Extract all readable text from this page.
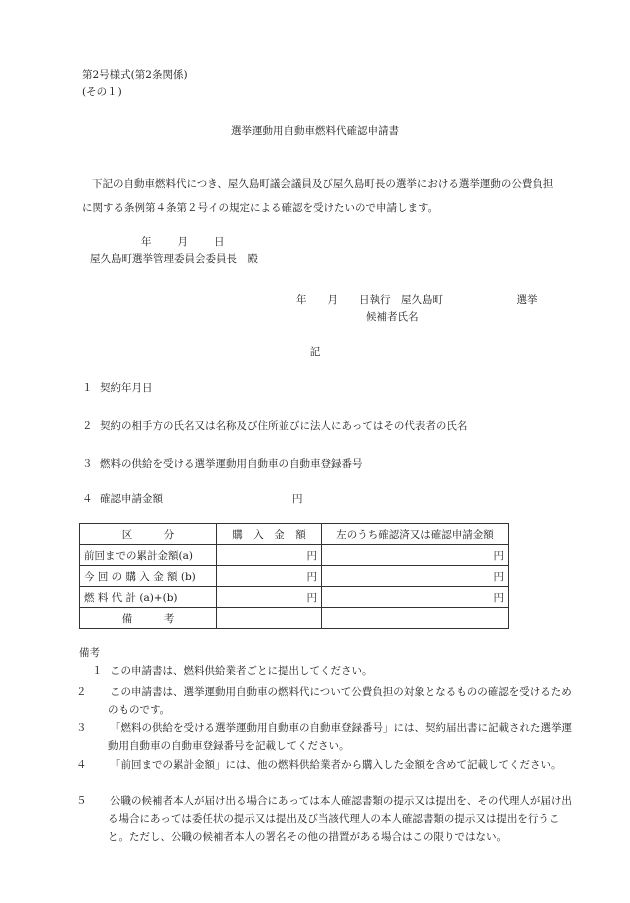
第2号様式(第2条関係)
(その１)
選挙運動用自動車燃料代確認申請書
下記の自動車燃料代につき、屋久島町議会議員及び屋久島町長の選挙における選挙運動の公費負担に関する条例第４条第２号イの規定による確認を受けたいので申請します。
年 月 日
屋久島町選挙管理委員会委員長　殿
年　　月　　日執行　屋久島町　　　　　　　選挙
候補者氏名
記
１ 契約年月日
２ 契約の相手方の氏名又は名称及び住所並びに法人にあってはその代表者の氏名
３ 燃料の供給を受ける選挙運動用自動車の自動車登録番号
４ 確認申請金額	円
区　　　分	購　入　金　額	左のうち確認済又は確認申請金額
前回までの累計金額(a)	円	円
今 回 の 購 入 金 額 (b)	円	円
燃 料 代 計 (a)+(b)	円	円
備　　　考		
備考
１ この申請書は、燃料供給業者ごとに提出してください。
２ この申請書は、選挙運動用自動車の燃料代について公費負担の対象となるものの確認を受けるためのものです。
３ 「燃料の供給を受ける選挙運動用自動車の自動車登録番号」には、契約届出書に記載された選挙運動用自動車の自動車登録番号を記載してください。
４ 「前回までの累計金額」には、他の燃料供給業者から購入した金額を含めて記載してください。
５ 公職の候補者本人が届け出る場合にあっては本人確認書類の提示又は提出を、その代理人が届け出る場合にあっては委任状の提示又は提出及び当該代理人の本人確認書類の提示又は提出を行うこと。ただし、公職の候補者本人の署名その他の措置がある場合はこの限りではない。
